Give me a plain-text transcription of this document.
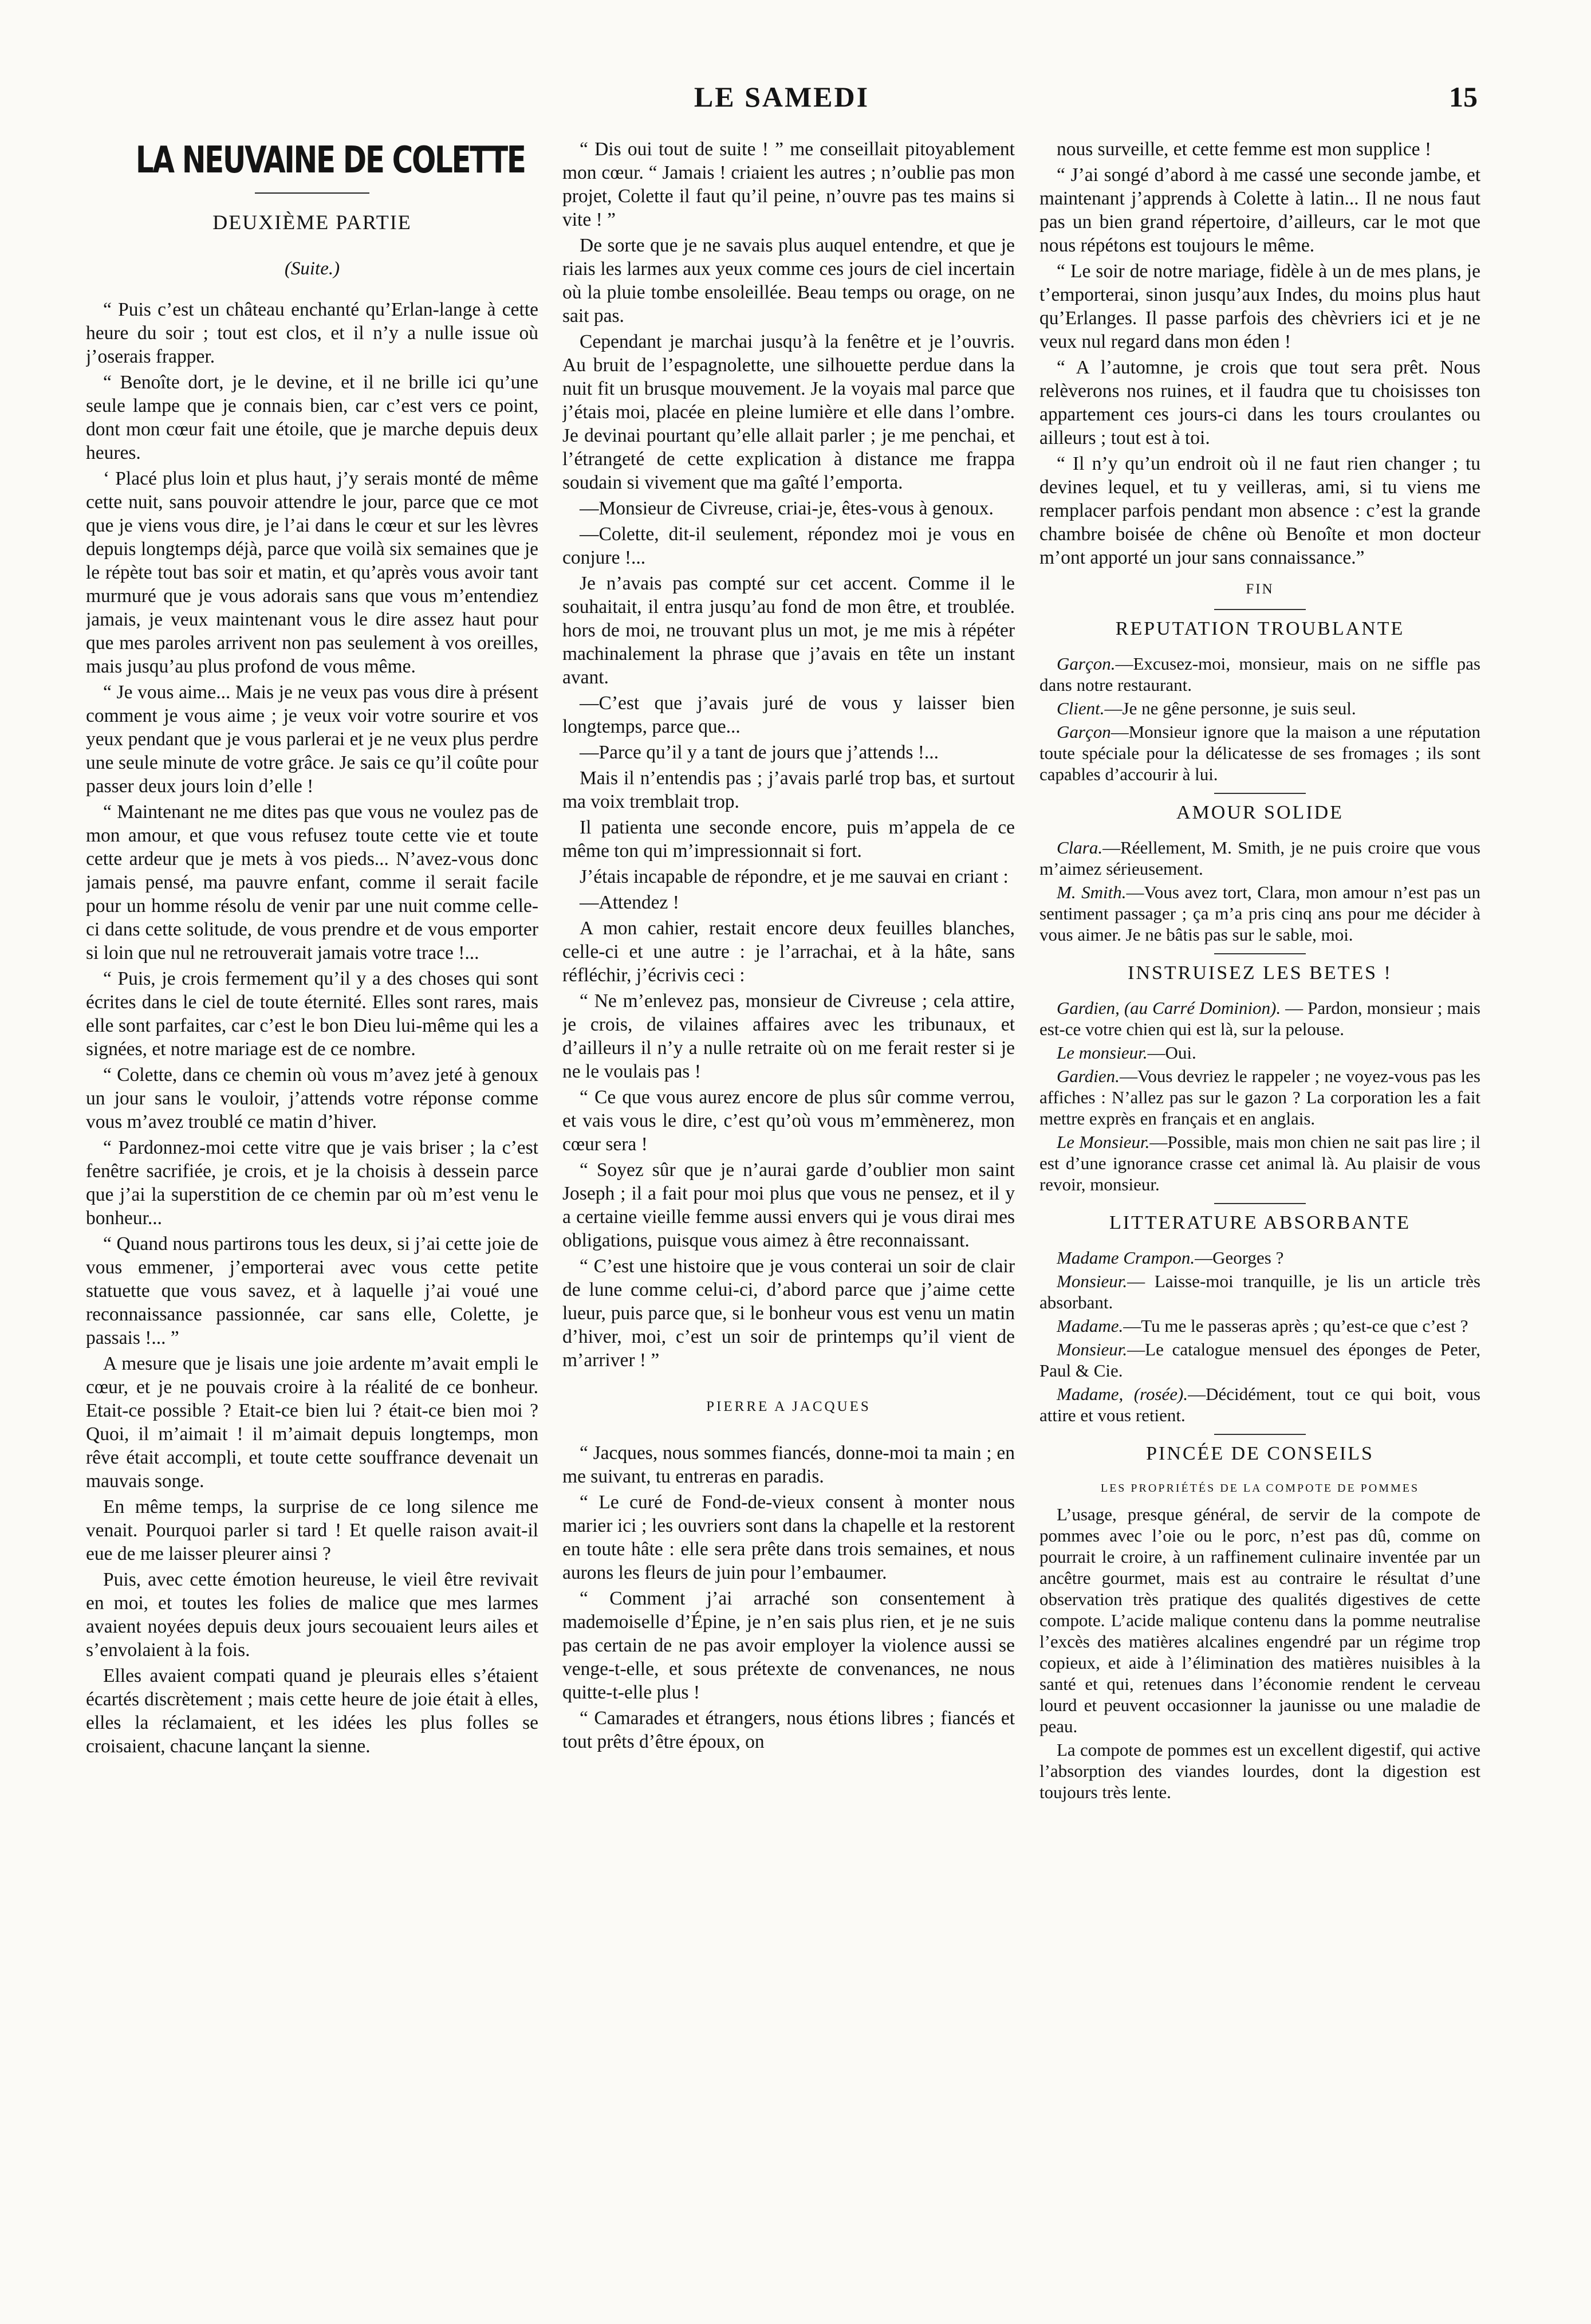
LE SAMEDI	15
LA NEUVAINE DE COLETTE
DEUXIÈME PARTIE
(Suite.)

“ Puis c’est un château enchanté qu’Erlan-lange à cette heure du soir ; tout est clos, et il n’y a nulle issue où j’oserais frapper.

“ Benoîte dort, je le devine, et il ne brille ici qu’une seule lampe que je connais bien, car c’est vers ce point, dont mon cœur fait une étoile, que je marche depuis deux heures.

‘ Placé plus loin et plus haut, j’y serais monté de même cette nuit, sans pouvoir attendre le jour, parce que ce mot que je viens vous dire, je l’ai dans le cœur et sur les lèvres depuis longtemps déjà, parce que voilà six semaines que je le répète tout bas soir et matin, et qu’après vous avoir tant murmuré que je vous adorais sans que vous m’entendiez jamais, je veux maintenant vous le dire assez haut pour que mes paroles arrivent non pas seulement à vos oreilles, mais jusqu’au plus profond de vous même.

“ Je vous aime... Mais je ne veux pas vous dire à présent comment je vous aime ; je veux voir votre sourire et vos yeux pendant que je vous parlerai et je ne veux plus perdre une seule minute de votre grâce. Je sais ce qu’il coûte pour passer deux jours loin d’elle !

“ Maintenant ne me dites pas que vous ne voulez pas de mon amour, et que vous refusez toute cette vie et toute cette ardeur que je mets à vos pieds... N’avez-vous donc jamais pensé, ma pauvre enfant, comme il serait facile pour un homme résolu de venir par une nuit comme celle-ci dans cette solitude, de vous prendre et de vous emporter si loin que nul ne retrouverait jamais votre trace !...

“ Puis, je crois fermement qu’il y a des choses qui sont écrites dans le ciel de toute éternité. Elles sont rares, mais elle sont parfaites, car c’est le bon Dieu lui-même qui les a signées, et notre mariage est de ce nombre.

“ Colette, dans ce chemin où vous m’avez jeté à genoux un jour sans le vouloir, j’attends votre réponse comme vous m’avez troublé ce matin d’hiver.

“ Pardonnez-moi cette vitre que je vais briser ; la c’est fenêtre sacrifiée, je crois, et je la choisis à dessein parce que j’ai la superstition de ce chemin par où m’est venu le bonheur...

“ Quand nous partirons tous les deux, si j’ai cette joie de vous emmener, j’emporterai avec vous cette petite statuette que vous savez, et à laquelle j’ai voué une reconnaissance passionnée, car sans elle, Colette, je passais !... ”

A mesure que je lisais une joie ardente m’avait empli le cœur, et je ne pouvais croire à la réalité de ce bonheur. Etait-ce possible ? Etait-ce bien lui ? était-ce bien moi ? Quoi, il m’aimait ! il m’aimait depuis longtemps, mon rêve était accompli, et toute cette souffrance devenait un mauvais songe.

En même temps, la surprise de ce long silence me venait. Pourquoi parler si tard ! Et quelle raison avait-il eue de me laisser pleurer ainsi ?

Puis, avec cette émotion heureuse, le vieil être revivait en moi, et toutes les folies de malice que mes larmes avaient noyées depuis deux jours secouaient leurs ailes et s’envolaient à la fois.

Elles avaient compati quand je pleurais elles s’étaient écartés discrètement ; mais cette heure de joie était à elles, elles la réclamaient, et les idées les plus folles se croisaient, chacune lançant la sienne.

“ Dis oui tout de suite ! ” me conseillait pitoyablement mon cœur. “ Jamais ! criaient les autres ; n’oublie pas mon projet, Colette il faut qu’il peine, n’ouvre pas tes mains si vite ! ”

De sorte que je ne savais plus auquel entendre, et que je riais les larmes aux yeux comme ces jours de ciel incertain où la pluie tombe ensoleillée. Beau temps ou orage, on ne sait pas.

Cependant je marchai jusqu’à la fenêtre et je l’ouvris. Au bruit de l’espagnolette, une silhouette perdue dans la nuit fit un brusque mouvement. Je la voyais mal parce que j’étais moi, placée en pleine lumière et elle dans l’ombre. Je devinai pourtant qu’elle allait parler ; je me penchai, et l’étrangeté de cette explication à distance me frappa soudain si vivement que ma gaîté l’emporta.

—Monsieur de Civreuse, criai-je, êtes-vous à genoux.

—Colette, dit-il seulement, répondez moi je vous en conjure !...

Je n’avais pas compté sur cet accent. Comme il le souhaitait, il entra jusqu’au fond de mon être, et troublée. hors de moi, ne trouvant plus un mot, je me mis à répéter machinalement la phrase que j’avais en tête un instant avant.

—C’est que j’avais juré de vous y laisser bien longtemps, parce que...

—Parce qu’il y a tant de jours que j’attends !...

Mais il n’entendis pas ; j’avais parlé trop bas, et surtout ma voix tremblait trop.

Il patienta une seconde encore, puis m’appela de ce même ton qui m’impressionnait si fort.

J’étais incapable de répondre, et je me sauvai en criant :

—Attendez !

A mon cahier, restait encore deux feuilles blanches, celle-ci et une autre : je l’arrachai, et à la hâte, sans réfléchir, j’écrivis ceci :

“ Ne m’enlevez pas, monsieur de Civreuse ; cela attire, je crois, de vilaines affaires avec les tribunaux, et d’ailleurs il n’y a nulle retraite où on me ferait rester si je ne le voulais pas !

“ Ce que vous aurez encore de plus sûr comme verrou, et vais vous le dire, c’est qu’où vous m’emmènerez, mon cœur sera !

“ Soyez sûr que je n’aurai garde d’oublier mon saint Joseph ; il a fait pour moi plus que vous ne pensez, et il y a certaine vieille femme aussi envers qui je vous dirai mes obligations, puisque vous aimez à être reconnaissant.

“ C’est une histoire que je vous conterai un soir de clair de lune comme celui-ci, d’abord parce que j’aime cette lueur, puis parce que, si le bonheur vous est venu un matin d’hiver, moi, c’est un soir de printemps qu’il vient de m’arriver ! ”

PIERRE A JACQUES

“ Jacques, nous sommes fiancés, donne-moi ta main ; en me suivant, tu entreras en paradis.

“ Le curé de Fond-de-vieux consent à monter nous marier ici ; les ouvriers sont dans la chapelle et la restorent en toute hâte : elle sera prête dans trois semaines, et nous aurons les fleurs de juin pour l’embaumer.

“ Comment j’ai arraché son consentement à mademoiselle d’Épine, je n’en sais plus rien, et je ne suis pas certain de ne pas avoir employer la violence aussi se venge-t-elle, et sous prétexte de convenances, ne nous quitte-t-elle plus !

“ Camarades et étrangers, nous étions libres ; fiancés et tout prêts d’être époux, on

nous surveille, et cette femme est mon supplice !

“ J’ai songé d’abord à me cassé une seconde jambe, et maintenant j’apprends à Colette à latin... Il ne nous faut pas un bien grand répertoire, d’ailleurs, car le mot que nous répétons est toujours le même.

“ Le soir de notre mariage, fidèle à un de mes plans, je t’emporterai, sinon jusqu’aux Indes, du moins plus haut qu’Erlanges. Il passe parfois des chèvriers ici et je ne veux nul regard dans mon éden !

“ A l’automne, je crois que tout sera prêt. Nous relèverons nos ruines, et il faudra que tu choisisses ton appartement ces jours-ci dans les tours croulantes ou ailleurs ; tout est à toi.

“ Il n’y qu’un endroit où il ne faut rien changer ; tu devines lequel, et tu y veilleras, ami, si tu viens me remplacer parfois pendant mon absence : c’est la grande chambre boisée de chêne où Benoîte et mon docteur m’ont apporté un jour sans connaissance.”

FIN
REPUTATION TROUBLANTE

Garçon.—Excusez-moi, monsieur, mais on ne siffle pas dans notre restaurant.

Client.—Je ne gêne personne, je suis seul.

Garçon—Monsieur ignore que la maison a une réputation toute spéciale pour la délicatesse de ses fromages ; ils sont capables d’accourir à lui.

AMOUR SOLIDE

Clara.—Réellement, M. Smith, je ne puis croire que vous m’aimez sérieusement.

M. Smith.—Vous avez tort, Clara, mon amour n’est pas un sentiment passager ; ça m’a pris cinq ans pour me décider à vous aimer. Je ne bâtis pas sur le sable, moi.

INSTRUISEZ LES BETES !

Gardien, (au Carré Dominion). — Pardon, monsieur ; mais est-ce votre chien qui est là, sur la pelouse.

Le monsieur.—Oui.

Gardien.—Vous devriez le rappeler ; ne voyez-vous pas les affiches : N’allez pas sur le gazon ? La corporation les a fait mettre exprès en français et en anglais.

Le Monsieur.—Possible, mais mon chien ne sait pas lire ; il est d’une ignorance crasse cet animal là. Au plaisir de vous revoir, monsieur.

LITTERATURE ABSORBANTE

Madame Crampon.—Georges ?

Monsieur.— Laisse-moi tranquille, je lis un article très absorbant.

Madame.—Tu me le passeras après ; qu’est-ce que c’est ?

Monsieur.—Le catalogue mensuel des éponges de Peter, Paul & Cie.

Madame, (rosée).—Décidément, tout ce qui boit, vous attire et vous retient.

PINCÉE DE CONSEILS
LES PROPRIÉTÉS DE LA COMPOTE DE POMMES

L’usage, presque général, de servir de la compote de pommes avec l’oie ou le porc, n’est pas dû, comme on pourrait le croire, à un raffinement culinaire inventée par un ancêtre gourmet, mais est au contraire le résultat d’une observation très pratique des qualités digestives de cette compote. L’acide malique contenu dans la pomme neutralise l’excès des matières alcalines engendré par un régime trop copieux, et aide à l’élimination des matières nuisibles à la santé et qui, retenues dans l’économie rendent le cerveau lourd et peuvent occasionner la jaunisse ou une maladie de peau.

La compote de pommes est un excellent digestif, qui active l’absorption des viandes lourdes, dont la digestion est toujours très lente.
